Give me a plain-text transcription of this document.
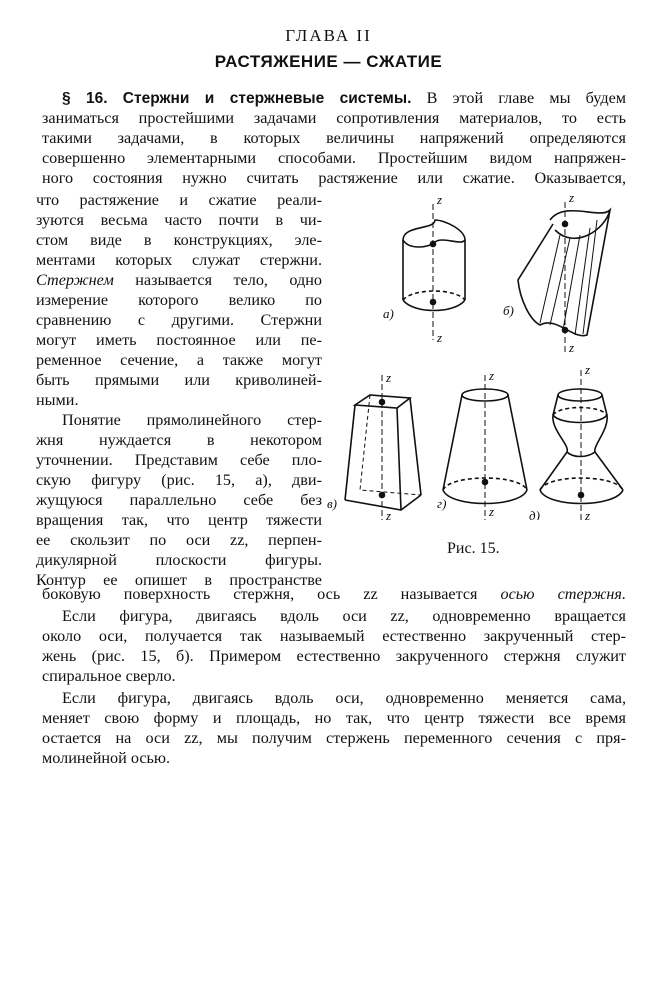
ГЛАВА II
РАСТЯЖЕНИЕ — СЖАТИЕ
§ 16. Стержни и стержневые системы. В этой главе мы будем
заниматься простейшими задачами сопротивления материалов, то есть
такими задачами, в которых величины напряжений определяются
совершенно элементарными способами. Простейшим видом напряжен-
ного состояния нужно считать растяжение или сжатие. Оказывается,
что растяжение и сжатие реали-
зуются весьма часто почти в чи-
стом виде в конструкциях, эле-
ментами которых служат стержни.
Стержнем называется тело, одно
измерение которого велико по
сравнению с другими. Стержни
могут иметь постоянное или пе-
ременное сечение, а также могут
быть прямыми или криволиней-
ными.
Понятие прямолинейного стер-
жня нуждается в некотором
уточнении. Представим себе пло-
скую фигуру (рис. 15, а), дви-
жущуюся параллельно себе без
вращения так, что центр тяжести
ее скользит по оси zz, перпен-
дикулярной плоскости фигуры.
Контур ее опишет в пространстве
боковую поверхность стержня, ось zz называется осью стержня.
Если фигура, двигаясь вдоль оси zz, одновременно вращается
около оси, получается так называемый естественно закрученный стер-
жень (рис. 15, б). Примером естественно закрученного стержня служит
спиральное сверло.
Если фигура, двигаясь вдоль оси, одновременно меняется сама,
меняет свою форму и площадь, но так, что центр тяжести все время
остается на оси zz, мы получим стержень переменного сечения с пря-
молинейной осью.
z
z
а)
z
z
б)
z
z
в)
z
z
г)
z
z
д)
Рис. 15.
